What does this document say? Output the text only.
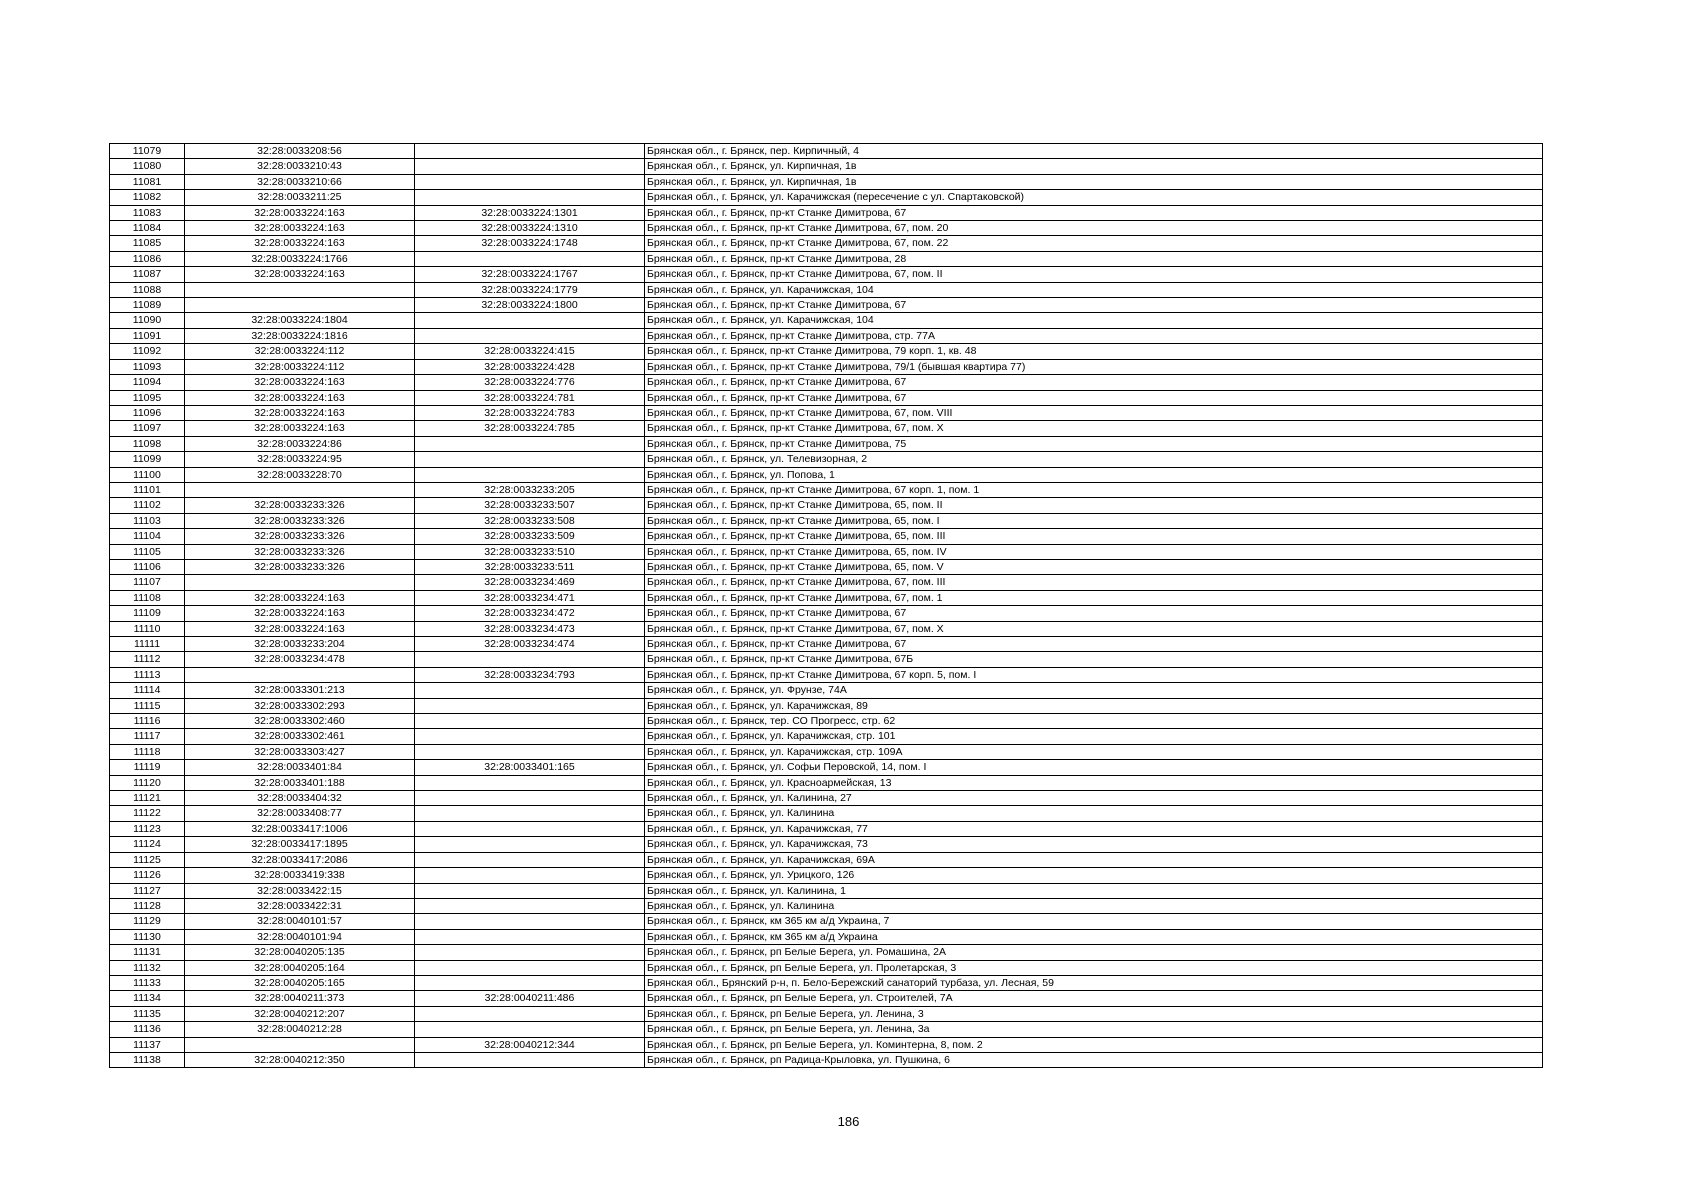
11079	32:28:0033208:56		Брянская обл., г. Брянск, пер. Кирпичный, 4
11080	32:28:0033210:43		Брянская обл., г. Брянск, ул. Кирпичная, 1в
11081	32:28:0033210:66		Брянская обл., г. Брянск, ул. Кирпичная, 1в
11082	32:28:0033211:25		Брянская обл., г. Брянск, ул. Карачижская (пересечение с ул. Спартаковской)
11083	32:28:0033224:163	32:28:0033224:1301	Брянская обл., г. Брянск, пр-кт Станке Димитрова, 67
11084	32:28:0033224:163	32:28:0033224:1310	Брянская обл., г. Брянск, пр-кт Станке Димитрова, 67, пом. 20
11085	32:28:0033224:163	32:28:0033224:1748	Брянская обл., г. Брянск, пр-кт Станке Димитрова, 67, пом. 22
11086	32:28:0033224:1766		Брянская обл., г. Брянск, пр-кт Станке Димитрова, 28
11087	32:28:0033224:163	32:28:0033224:1767	Брянская обл., г. Брянск, пр-кт Станке Димитрова, 67, пом. II
11088		32:28:0033224:1779	Брянская обл., г. Брянск, ул. Карачижская, 104
11089		32:28:0033224:1800	Брянская обл., г. Брянск, пр-кт Станке Димитрова, 67
11090	32:28:0033224:1804		Брянская обл., г. Брянск, ул. Карачижская, 104
11091	32:28:0033224:1816		Брянская обл., г. Брянск, пр-кт Станке Димитрова, стр. 77А
11092	32:28:0033224:112	32:28:0033224:415	Брянская обл., г. Брянск, пр-кт Станке Димитрова, 79 корп. 1, кв. 48
11093	32:28:0033224:112	32:28:0033224:428	Брянская обл., г. Брянск, пр-кт Станке Димитрова, 79/1 (бывшая квартира 77)
11094	32:28:0033224:163	32:28:0033224:776	Брянская обл., г. Брянск, пр-кт Станке Димитрова, 67
11095	32:28:0033224:163	32:28:0033224:781	Брянская обл., г. Брянск, пр-кт Станке Димитрова, 67
11096	32:28:0033224:163	32:28:0033224:783	Брянская обл., г. Брянск, пр-кт Станке Димитрова, 67, пом. VIII
11097	32:28:0033224:163	32:28:0033224:785	Брянская обл., г. Брянск, пр-кт Станке Димитрова, 67, пом. X
11098	32:28:0033224:86		Брянская обл., г. Брянск, пр-кт Станке Димитрова, 75
11099	32:28:0033224:95		Брянская обл., г. Брянск, ул. Телевизорная, 2
11100	32:28:0033228:70		Брянская обл., г. Брянск, ул. Попова, 1
11101		32:28:0033233:205	Брянская обл., г. Брянск, пр-кт Станке Димитрова, 67 корп. 1, пом. 1
11102	32:28:0033233:326	32:28:0033233:507	Брянская обл., г. Брянск, пр-кт Станке Димитрова, 65, пом. II
11103	32:28:0033233:326	32:28:0033233:508	Брянская обл., г. Брянск, пр-кт Станке Димитрова, 65, пом. I
11104	32:28:0033233:326	32:28:0033233:509	Брянская обл., г. Брянск, пр-кт Станке Димитрова, 65, пом. III
11105	32:28:0033233:326	32:28:0033233:510	Брянская обл., г. Брянск, пр-кт Станке Димитрова, 65, пом. IV
11106	32:28:0033233:326	32:28:0033233:511	Брянская обл., г. Брянск, пр-кт Станке Димитрова, 65, пом. V
11107		32:28:0033234:469	Брянская обл., г. Брянск, пр-кт Станке Димитрова, 67, пом. III
11108	32:28:0033224:163	32:28:0033234:471	Брянская обл., г. Брянск, пр-кт Станке Димитрова, 67, пом. 1
11109	32:28:0033224:163	32:28:0033234:472	Брянская обл., г. Брянск, пр-кт Станке Димитрова, 67
11110	32:28:0033224:163	32:28:0033234:473	Брянская обл., г. Брянск, пр-кт Станке Димитрова, 67, пом. X
11111	32:28:0033233:204	32:28:0033234:474	Брянская обл., г. Брянск, пр-кт Станке Димитрова, 67
11112	32:28:0033234:478		Брянская обл., г. Брянск, пр-кт Станке Димитрова, 67Б
11113		32:28:0033234:793	Брянская обл., г. Брянск, пр-кт Станке Димитрова, 67 корп. 5, пом. I
11114	32:28:0033301:213		Брянская обл., г. Брянск, ул. Фрунзе, 74А
11115	32:28:0033302:293		Брянская обл., г. Брянск, ул. Карачижская, 89
11116	32:28:0033302:460		Брянская обл., г. Брянск, тер. СО Прогресс, стр. 62
11117	32:28:0033302:461		Брянская обл., г. Брянск, ул. Карачижская, стр. 101
11118	32:28:0033303:427		Брянская обл., г. Брянск, ул. Карачижская, стр. 109А
11119	32:28:0033401:84	32:28:0033401:165	Брянская обл., г. Брянск, ул. Софьи Перовской, 14, пом. I
11120	32:28:0033401:188		Брянская обл., г. Брянск, ул. Красноармейская, 13
11121	32:28:0033404:32		Брянская обл., г. Брянск, ул. Калинина, 27
11122	32:28:0033408:77		Брянская обл., г. Брянск, ул. Калинина
11123	32:28:0033417:1006		Брянская обл., г. Брянск, ул. Карачижская, 77
11124	32:28:0033417:1895		Брянская обл., г. Брянск, ул. Карачижская, 73
11125	32:28:0033417:2086		Брянская обл., г. Брянск, ул. Карачижская, 69А
11126	32:28:0033419:338		Брянская обл., г. Брянск, ул. Урицкого, 126
11127	32:28:0033422:15		Брянская обл., г. Брянск, ул. Калинина, 1
11128	32:28:0033422:31		Брянская обл., г. Брянск, ул. Калинина
11129	32:28:0040101:57		Брянская обл., г. Брянск, км 365 км а/д Украина, 7
11130	32:28:0040101:94		Брянская обл., г. Брянск, км 365 км а/д Украина
11131	32:28:0040205:135		Брянская обл., г. Брянск, рп Белые Берега, ул. Ромашина, 2А
11132	32:28:0040205:164		Брянская обл., г. Брянск, рп Белые Берега, ул. Пролетарская, 3
11133	32:28:0040205:165		Брянская обл., Брянский р-н, п. Бело-Бережский санаторий турбаза, ул. Лесная, 59
11134	32:28:0040211:373	32:28:0040211:486	Брянская обл., г. Брянск, рп Белые Берега, ул. Строителей, 7А
11135	32:28:0040212:207		Брянская обл., г. Брянск, рп Белые Берега, ул. Ленина, 3
11136	32:28:0040212:28		Брянская обл., г. Брянск, рп Белые Берега, ул. Ленина, 3а
11137		32:28:0040212:344	Брянская обл., г. Брянск, рп Белые Берега, ул. Коминтерна, 8, пом. 2
11138	32:28:0040212:350		Брянская обл., г. Брянск, рп Радица-Крыловка, ул. Пушкина, 6
186
